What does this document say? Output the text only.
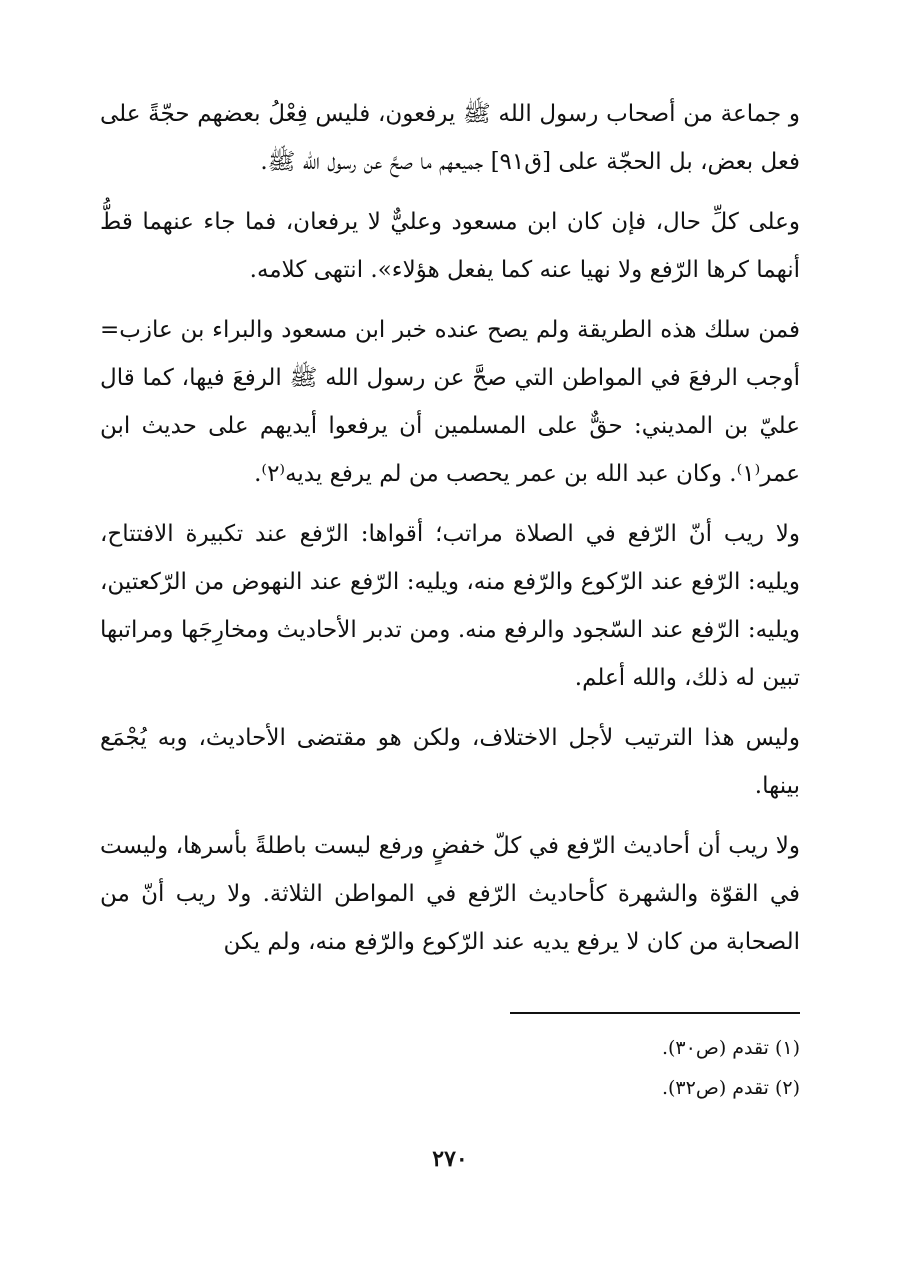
و جماعة من أصحاب رسول الله ﷺ يرفعون، فليس فِعْلُ بعضهم حجّةً على فعل بعض، بل الحجّة على [ق٩١] جميعهم ما صحَّ عن رسول الله ﷺ.

وعلى كلِّ حال، فإن كان ابن مسعود وعليٌّ لا يرفعان، فما جاء عنهما قطُّ أنهما كرها الرّفع ولا نهيا عنه كما يفعل هؤلاء». انتهى كلامه.

فمن سلك هذه الطريقة ولم يصح عنده خبر ابن مسعود والبراء بن عازب= أوجب الرفعَ في المواطن التي صحَّ عن رسول الله ﷺ الرفعَ فيها، كما قال عليّ بن المديني: حقٌّ على المسلمين أن يرفعوا أيديهم على حديث ابن عمر⁽١⁾. وكان عبد الله بن عمر يحصب من لم يرفع يديه⁽٢⁾.

ولا ريب أنّ الرّفع في الصلاة مراتب؛ أقواها: الرّفع عند تكبيرة الافتتاح، ويليه: الرّفع عند الرّكوع والرّفع منه، ويليه: الرّفع عند النهوض من الرّكعتين، ويليه: الرّفع عند السّجود والرفع منه. ومن تدبر الأحاديث ومخارِجَها ومراتبها تبين له ذلك، والله أعلم.

وليس هذا الترتيب لأجل الاختلاف، ولكن هو مقتضى الأحاديث، وبه يُجْمَع بينها.

ولا ريب أن أحاديث الرّفع في كلّ خفضٍ ورفع ليست باطلةً بأسرها، وليست في القوّة والشهرة كأحاديث الرّفع في المواطن الثلاثة. ولا ريب أنّ من الصحابة من كان لا يرفع يديه عند الرّكوع والرّفع منه، ولم يكن

(١) تقدم (ص٣٠).

(٢) تقدم (ص٣٢).

٢٧٠
